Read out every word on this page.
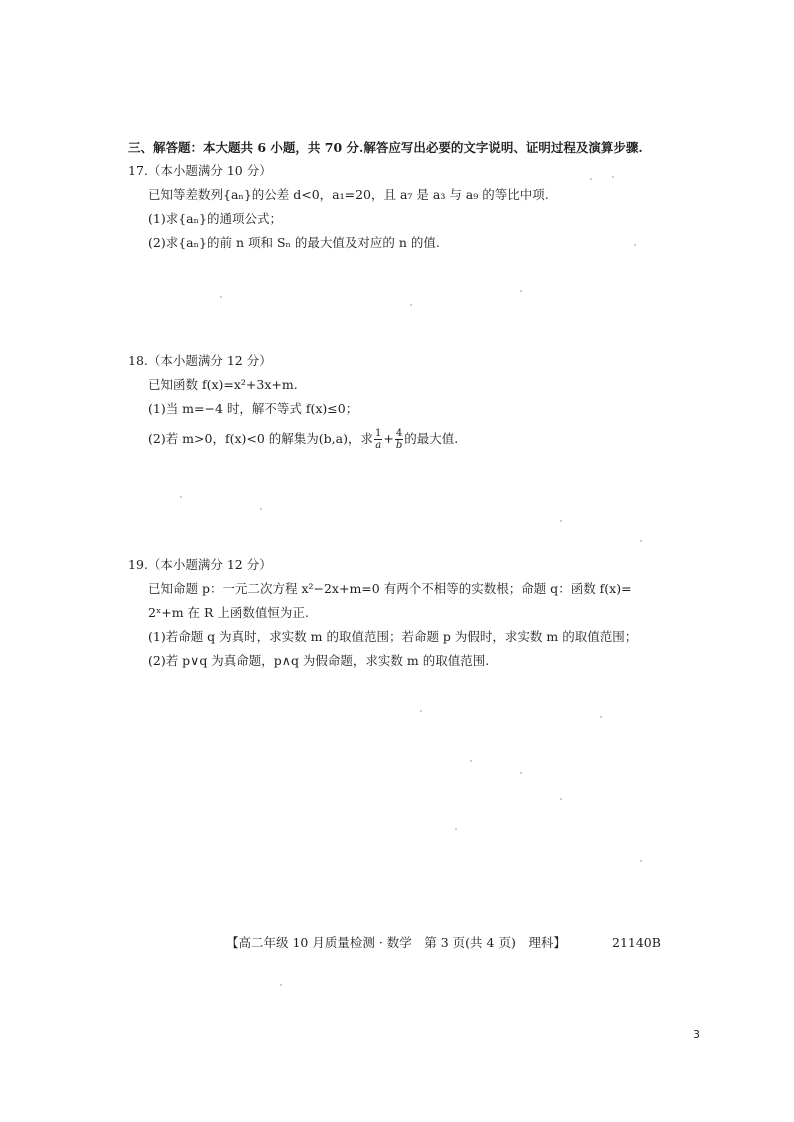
三、解答题：本大题共 6 小题，共 70 分.解答应写出必要的文字说明、证明过程及演算步骤.
17.（本小题满分 10 分）
已知等差数列{aₙ}的公差 d<0，a₁=20，且 a₇ 是 a₃ 与 a₉ 的等比中项.
(1)求{aₙ}的通项公式；
(2)求{aₙ}的前 n 项和 Sₙ 的最大值及对应的 n 的值.
18.（本小题满分 12 分）
已知函数 f(x)=x²+3x+m.
(1)当 m=−4 时，解不等式 f(x)≤0；
(2)若 m>0，f(x)<0 的解集为(b,a)，求 $\frac{1}{a} + \frac{4}{b}$ 的最大值.
19.（本小题满分 12 分）
已知命题 p：一元二次方程 x²−2x+m=0 有两个不相等的实数根；命题 q：函数 f(x)=
2ˣ+m 在 R 上函数值恒为正.
(1)若命题 q 为真时，求实数 m 的取值范围；若命题 p 为假时，求实数 m 的取值范围；
(2)若 p∨q 为真命题，p∧q 为假命题，求实数 m 的取值范围.
【高二年级 10 月质量检测 · 数学　第 3 页(共 4 页)　理科】	21140B
3
